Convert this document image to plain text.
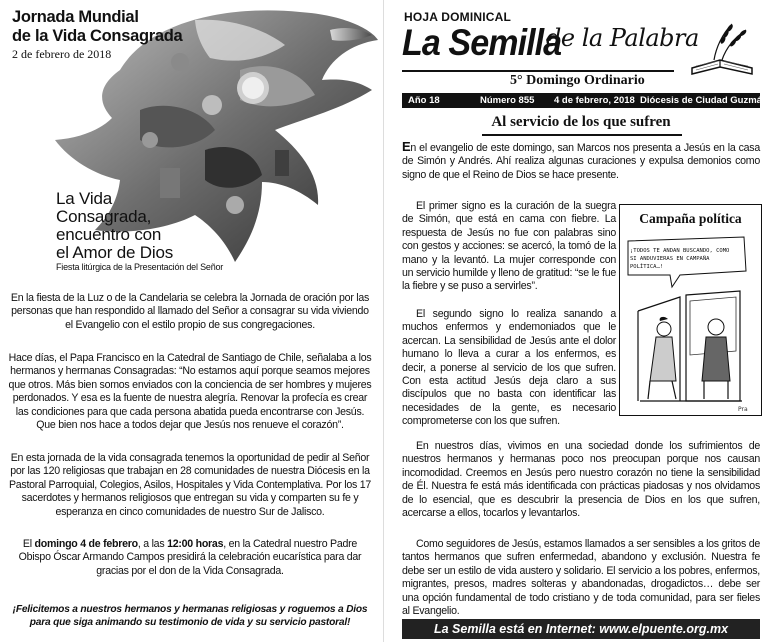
Jornada Mundial
de la Vida Consagrada
2 de febrero de 2018
La Vida
Consagrada,
encuentro con
el Amor de Dios
Fiesta litúrgica de la Presentación del Señor

En la fiesta de la Luz o de la Candelaria se celebra la Jornada de oración por las personas que han respondido al llamado del Señor a consagrar su vida viviendo el Evangelio con el estilo propio de sus congregaciones.

Hace días, el Papa Francisco en la Catedral de Santiago de Chile, señalaba a los hermanos y hermanas Consagradas: “No estamos aquí porque seamos mejores que otros. Más bien somos enviados con la conciencia de ser hombres y mujeres perdonados. Y esa es la fuente de nuestra alegría. Renovar la profecía es crear las condiciones para que cada persona abatida pueda encontrarse con Jesús. Que bien nos hace a todos dejar que Jesús nos renueve el corazón”.

En esta jornada de la vida consagrada tenemos la oportunidad de pedir al Señor por las 120 religiosas que trabajan en 28 comunidades de nuestra Diócesis en la Pastoral Parroquial, Colegios, Asilos, Hospitales y Vida Contemplativa. Por los 17 sacerdotes y hermanos religiosos que entregan su vida y comparten su fe y esperanza en cinco comunidades de nuestro Sur de Jalisco.

El domingo 4 de febrero, a las 12:00 horas, en la Catedral nuestro Padre Obispo Óscar Armando Campos presidirá la celebración eucarística para dar gracias por el don de la Vida Consagrada.

¡Felicitemos a nuestros hermanos y hermanas religiosas y roguemos a Dios para que siga animando su testimonio de vida y su servicio pastoral!

HOJA DOMINICAL
La Semilla
de la Palabra
5° Domingo Ordinario
Año 18	Número 855 4 de febrero, 2018 Diócesis de Ciudad Guzmán
Al servicio de los que sufren

En el evangelio de este domingo, san Marcos nos presenta a Jesús en la casa de Simón y Andrés. Ahí realiza algunas curaciones y expulsa demonios como signo de que el Reino de Dios se hace presente.

El primer signo es la curación de la suegra de Simón, que está en cama con fiebre. La respuesta de Jesús no fue con palabras sino con gestos y acciones: se acercó, la tomó de la mano y la levantó. La mujer corresponde con un servicio humilde y lleno de gratitud: “se le fue la fiebre y se puso a servirles”.

El segundo signo lo realiza sanando a muchos enfermos y endemoniados que le acercan. La sensibilidad de Jesús ante el dolor humano lo lleva a curar a los enfermos, es decir, a ponerse al servicio de los que sufren. Con esta actitud Jesús deja claro a sus discípulos que no basta con identificar las necesidades de la gente, es necesario comprometerse con los que sufren.

Campaña política
Pra
¡TODOS TE ANDAN BUSCANDO, COMO SI ANDUVIERAS EN CAMPAÑA POLÍTICA…!

En nuestros días, vivimos en una sociedad donde los sufrimientos de nuestros hermanos y hermanas poco nos preocupan porque nos causan incomodidad. Creemos en Jesús pero nuestro corazón no tiene la sensibilidad de Él. Nuestra fe está más identificada con prácticas piadosas y nos olvidamos de lo esencial, que es descubrir la presencia de Dios en los que sufren, acercarse a ellos, tocarlos y levantarlos.

Como seguidores de Jesús, estamos llamados a ser sensibles a los gritos de tantos hermanos que sufren enfermedad, abandono y exclusión. Nuestra fe debe ser un estilo de vida austero y solidario. El servicio a los pobres, enfermos, migrantes, presos, madres solteras y abandonadas, drogadictos… debe ser una opción fundamental de todo cristiano y de toda comunidad, para ser fieles al Evangelio.

La Semilla está en Internet: www.elpuente.org.mx
